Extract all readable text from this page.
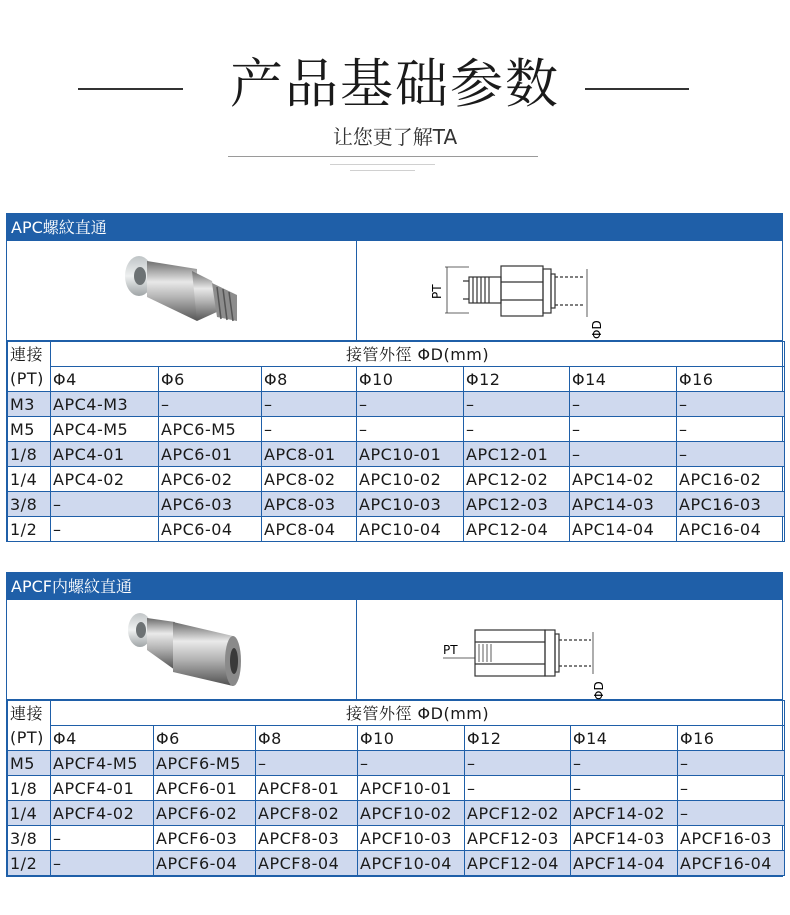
产品基础参数
让您更了解TA
APC螺紋直通
PT
ΦD
連接	接管外徑 ΦD(mm)						
(PT)	Φ4	Φ6	Φ8	Φ10	Φ12	Φ14	Φ16
M3	APC4-M3	–	–	–	–	–	–
M5	APC4-M5	APC6-M5	–	–	–	–	–
1/8	APC4-01	APC6-01	APC8-01	APC10-01	APC12-01	–	–
1/4	APC4-02	APC6-02	APC8-02	APC10-02	APC12-02	APC14-02	APC16-02
3/8	–	APC6-03	APC8-03	APC10-03	APC12-03	APC14-03	APC16-03
1/2	–	APC6-04	APC8-04	APC10-04	APC12-04	APC14-04	APC16-04
APCF内螺紋直通
PT
ΦD
連接	接管外徑 ΦD(mm)						
(PT)	Φ4	Φ6	Φ8	Φ10	Φ12	Φ14	Φ16
M5	APCF4-M5	APCF6-M5	–	–	–	–	–
1/8	APCF4-01	APCF6-01	APCF8-01	APCF10-01	–	–	–
1/4	APCF4-02	APCF6-02	APCF8-02	APCF10-02	APCF12-02	APCF14-02	–
3/8	–	APCF6-03	APCF8-03	APCF10-03	APCF12-03	APCF14-03	APCF16-03
1/2	–	APCF6-04	APCF8-04	APCF10-04	APCF12-04	APCF14-04	APCF16-04
